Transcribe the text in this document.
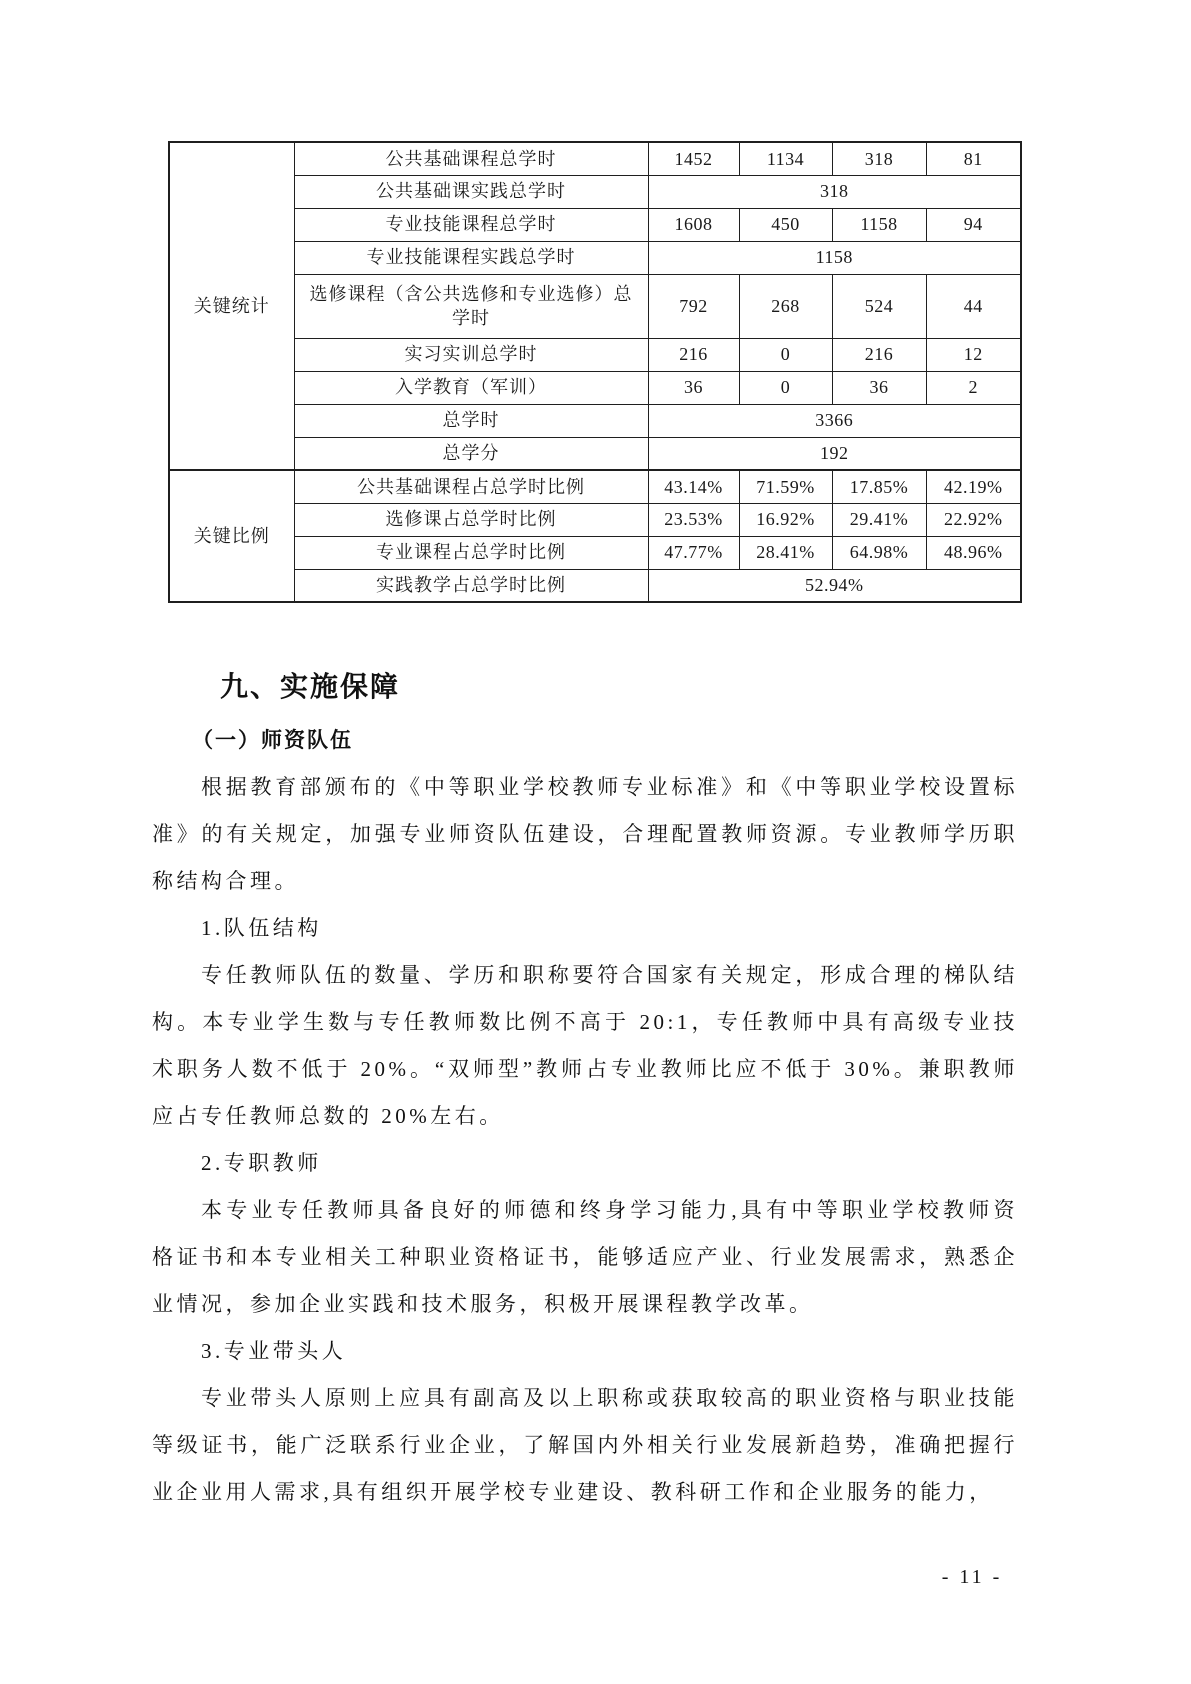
关键统计	公共基础课程总学时	1452	1134	318	81
	公共基础课实践总学时	318			
	专业技能课程总学时	1608	450	1158	94
	专业技能课程实践总学时	1158			
	选修课程（含公共选修和专业选修）总学时	792	268	524	44
	实习实训总学时	216	0	216	12
	入学教育（军训）	36	0	36	2
	总学时	3366			
	总学分	192			
关键比例	公共基础课程占总学时比例	43.14%	71.59%	17.85%	42.19%
	选修课占总学时比例	23.53%	16.92%	29.41%	22.92%
	专业课程占总学时比例	47.77%	28.41%	64.98%	48.96%
	实践教学占总学时比例	52.94%			

九、实施保障

（一）师资队伍

根据教育部颁布的《中等职业学校教师专业标准》和《中等职业学校设置标准》的有关规定，加强专业师资队伍建设，合理配置教师资源。专业教师学历职称结构合理。

1.队伍结构

专任教师队伍的数量、学历和职称要符合国家有关规定，形成合理的梯队结构。本专业学生数与专任教师数比例不高于 20:1，专任教师中具有高级专业技术职务人数不低于 20%。“双师型”教师占专业教师比应不低于 30%。兼职教师应占专任教师总数的 20%左右。

2.专职教师

本专业专任教师具备良好的师德和终身学习能力,具有中等职业学校教师资格证书和本专业相关工种职业资格证书，能够适应产业、行业发展需求，熟悉企业情况，参加企业实践和技术服务，积极开展课程教学改革。

3.专业带头人

专业带头人原则上应具有副高及以上职称或获取较高的职业资格与职业技能等级证书，能广泛联系行业企业，了解国内外相关行业发展新趋势，准确把握行业企业用人需求,具有组织开展学校专业建设、教科研工作和企业服务的能力，

- 11 -
